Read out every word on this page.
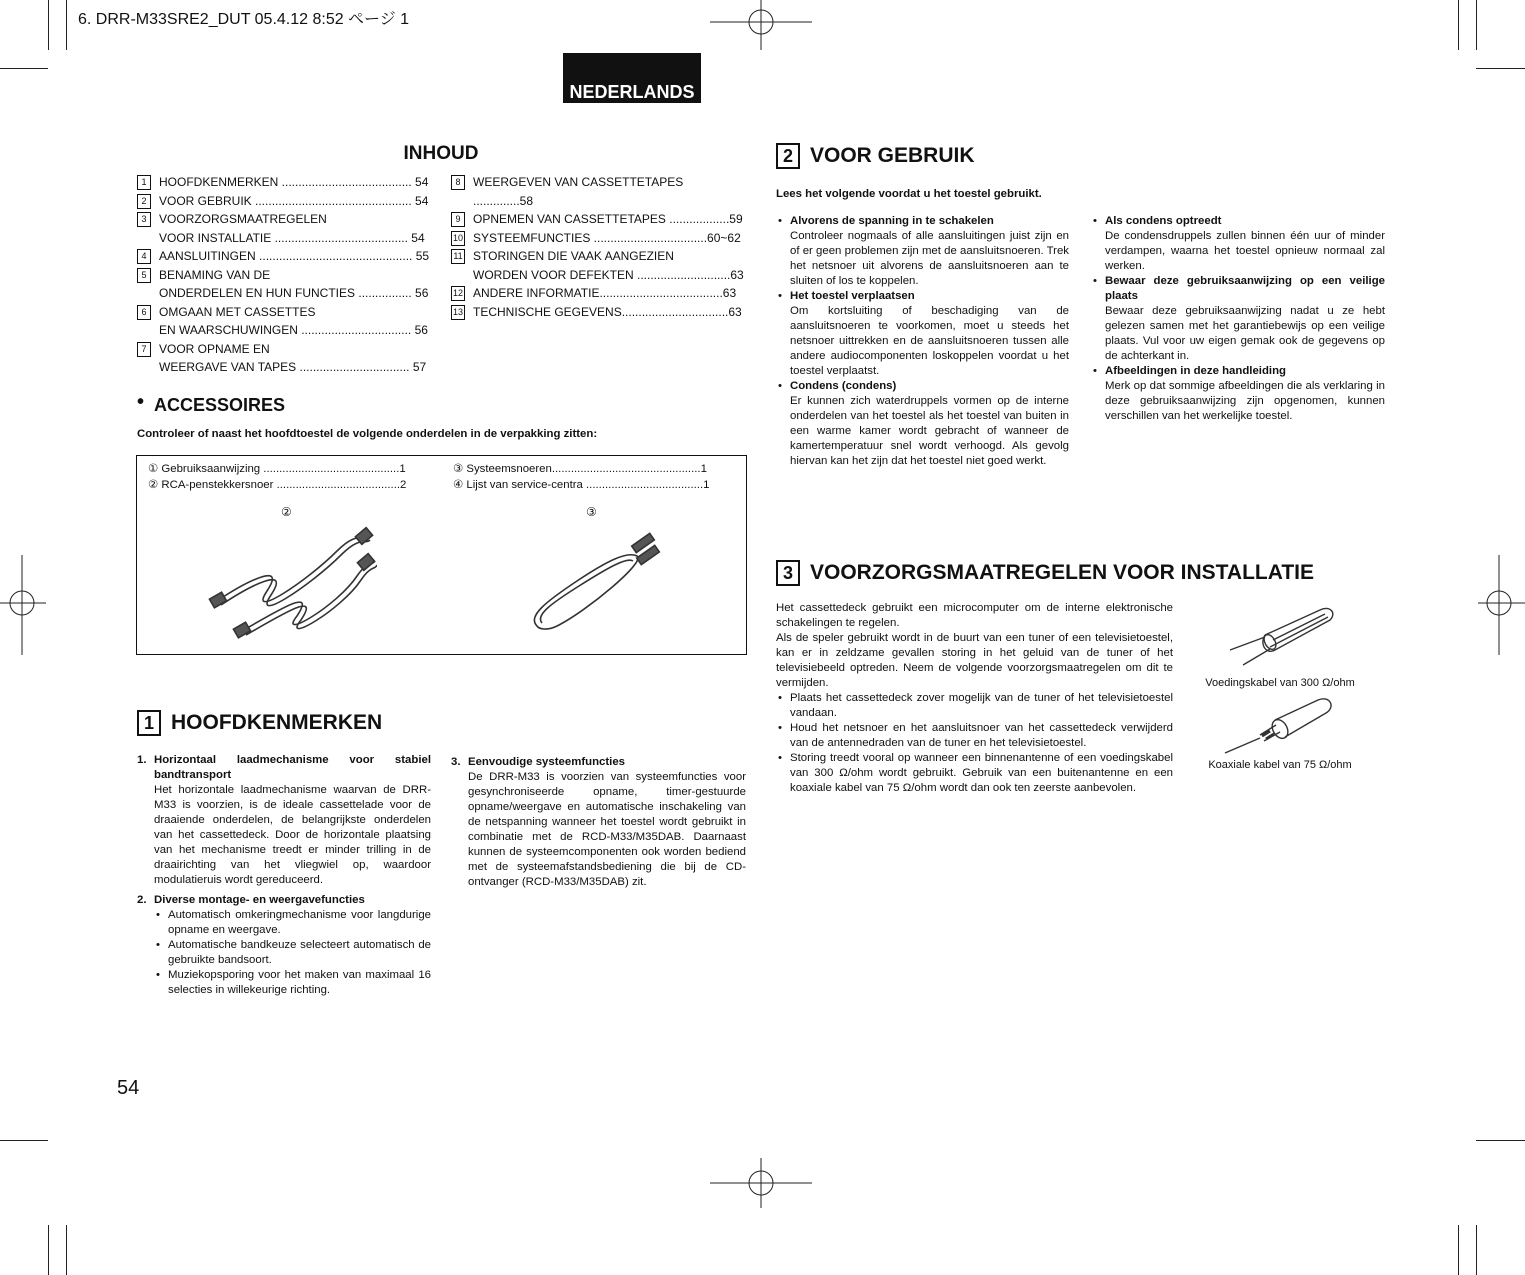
6. DRR-M33SRE2_DUT 05.4.12 8:52 ページ 1
NEDERLANDS
INHOUD
1	HOOFDKENMERKEN ....................................... 54
2	VOOR GEBRUIK ............................................... 54
3	VOORZORGSMAATREGELEN
VOOR INSTALLATIE ........................................ 54
4	AANSLUITINGEN .............................................. 55
5	BENAMING VAN DE
ONDERDELEN EN HUN FUNCTIES ................ 56
6	OMGAAN MET CASSETTES
EN WAARSCHUWINGEN ................................. 56
7	VOOR OPNAME EN
WEERGAVE VAN TAPES ................................. 57
8	WEERGEVEN VAN CASSETTETAPES ..............58
9	OPNEMEN VAN CASSETTETAPES ..................59
10 SYSTEEMFUNCTIES ..................................60~62
11 STORINGEN DIE VAAK AANGEZIEN
WORDEN VOOR DEFEKTEN ............................63
12 ANDERE INFORMATIE.....................................63
13 TECHNISCHE GEGEVENS................................63
• ACCESSOIRES
Controleer of naast het hoofdtoestel de volgende onderdelen in de verpakking zitten:
① Gebruiksaanwijzing ...........................................1
② RCA-penstekkersnoer .......................................2
③ Systeemsnoeren...............................................1
④ Lijst van service-centra .....................................1
②	③
1 HOOFDKENMERKEN
1. Horizontaal laadmechanisme voor stabiel bandtransport
Het horizontale laadmechanisme waarvan de DRR-M33 is voorzien, is de ideale cassettelade voor de draaiende onderdelen, de belangrijkste onderdelen van het cassettedeck. Door de horizontale plaatsing van het mechanisme treedt er minder trilling in de draairichting van het vliegwiel op, waardoor modulatieruis wordt gereduceerd.
2. Diverse montage- en weergavefuncties
• Automatisch omkeringmechanisme voor langdurige opname en weergave.
• Automatische bandkeuze selecteert automatisch de gebruikte bandsoort.
• Muziekopsporing voor het maken van maximaal 16 selecties in willekeurige richting.
3. Eenvoudige systeemfuncties
De DRR-M33 is voorzien van systeemfuncties voor gesynchroniseerde opname, timer-gestuurde opname/weergave en automatische inschakeling van de netspanning wanneer het toestel wordt gebruikt in combinatie met de RCD-M33/M35DAB. Daarnaast kunnen de systeemcomponenten ook worden bediend met de systeemafstandsbediening die bij de CD-ontvanger (RCD-M33/M35DAB) zit.
2 VOOR GEBRUIK
Lees het volgende voordat u het toestel gebruikt.
• Alvorens de spanning in te schakelen
Controleer nogmaals of alle aansluitingen juist zijn en of er geen problemen zijn met de aansluitsnoeren. Trek het netsnoer uit alvorens de aansluitsnoeren aan te sluiten of los te koppelen.
• Het toestel verplaatsen
Om kortsluiting of beschadiging van de aansluitsnoeren te voorkomen, moet u steeds het netsnoer uittrekken en de aansluitsnoeren tussen alle andere audiocomponenten loskoppelen voordat u het toestel verplaatst.
• Condens (condens)
Er kunnen zich waterdruppels vormen op de interne onderdelen van het toestel als het toestel van buiten in een warme kamer wordt gebracht of wanneer de kamertemperatuur snel wordt verhoogd. Als gevolg hiervan kan het zijn dat het toestel niet goed werkt.
• Als condens optreedt
De condensdruppels zullen binnen één uur of minder verdampen, waarna het toestel opnieuw normaal zal werken.
• Bewaar deze gebruiksaanwijzing op een veilige plaats
Bewaar deze gebruiksaanwijzing nadat u ze hebt gelezen samen met het garantiebewijs op een veilige plaats. Vul voor uw eigen gemak ook de gegevens op de achterkant in.
• Afbeeldingen in deze handleiding
Merk op dat sommige afbeeldingen die als verklaring in deze gebruiksaanwijzing zijn opgenomen, kunnen verschillen van het werkelijke toestel.
3 VOORZORGSMAATREGELEN VOOR INSTALLATIE
Het cassettedeck gebruikt een microcomputer om de interne elektronische schakelingen te regelen.
Als de speler gebruikt wordt in de buurt van een tuner of een televisietoestel, kan er in zeldzame gevallen storing in het geluid van de tuner of het televisiebeeld optreden. Neem de volgende voorzorgsmaatregelen om dit te vermijden.
• Plaats het cassettedeck zover mogelijk van de tuner of het televisietoestel vandaan.
• Houd het netsnoer en het aansluitsnoer van het cassettedeck verwijderd van de antennedraden van de tuner en het televisietoestel.
• Storing treedt vooral op wanneer een binnenantenne of een voedingskabel van 300 Ω/ohm wordt gebruikt. Gebruik van een buitenantenne en een koaxiale kabel van 75 Ω/ohm wordt dan ook ten zeerste aanbevolen.
Voedingskabel van 300 Ω/ohm
Koaxiale kabel van 75 Ω/ohm
54
